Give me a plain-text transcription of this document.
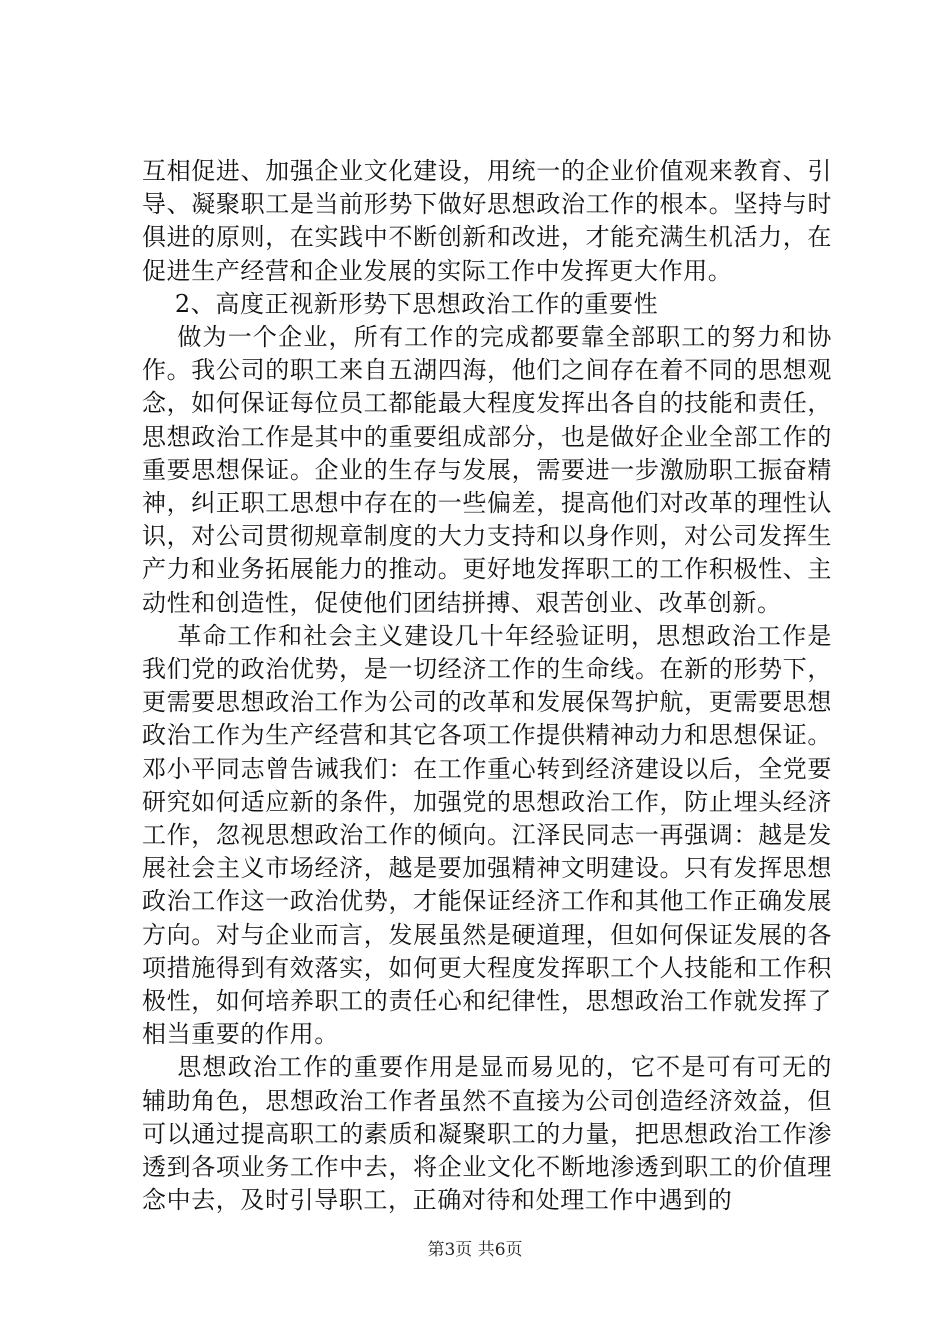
互相促进、加强企业文化建设，用统一的企业价值观来教育、引导、凝聚职工是当前形势下做好思想政治工作的根本。坚持与时俱进的原则，在实践中不断创新和改进，才能充满生机活力，在促进生产经营和企业发展的实际工作中发挥更大作用。

2、高度正视新形势下思想政治工作的重要性

做为一个企业，所有工作的完成都要靠全部职工的努力和协作。我公司的职工来自五湖四海，他们之间存在着不同的思想观念，如何保证每位员工都能最大程度发挥出各自的技能和责任，思想政治工作是其中的重要组成部分，也是做好企业全部工作的重要思想保证。企业的生存与发展，需要进一步激励职工振奋精神，纠正职工思想中存在的一些偏差，提高他们对改革的理性认识，对公司贯彻规章制度的大力支持和以身作则，对公司发挥生产力和业务拓展能力的推动。更好地发挥职工的工作积极性、主动性和创造性，促使他们团结拼搏、艰苦创业、改革创新。

革命工作和社会主义建设几十年经验证明，思想政治工作是我们党的政治优势，是一切经济工作的生命线。在新的形势下，更需要思想政治工作为公司的改革和发展保驾护航，更需要思想政治工作为生产经营和其它各项工作提供精神动力和思想保证。邓小平同志曾告诫我们：在工作重心转到经济建设以后，全党要研究如何适应新的条件，加强党的思想政治工作，防止埋头经济工作，忽视思想政治工作的倾向。江泽民同志一再强调：越是发展社会主义市场经济，越是要加强精神文明建设。只有发挥思想政治工作这一政治优势，才能保证经济工作和其他工作正确发展方向。对与企业而言，发展虽然是硬道理，但如何保证发展的各项措施得到有效落实，如何更大程度发挥职工个人技能和工作积极性，如何培养职工的责任心和纪律性，思想政治工作就发挥了相当重要的作用。

思想政治工作的重要作用是显而易见的，它不是可有可无的辅助角色，思想政治工作者虽然不直接为公司创造经济效益，但可以通过提高职工的素质和凝聚职工的力量，把思想政治工作渗透到各项业务工作中去，将企业文化不断地渗透到职工的价值理念中去，及时引导职工，正确对待和处理工作中遇到的

第3页 共6页
